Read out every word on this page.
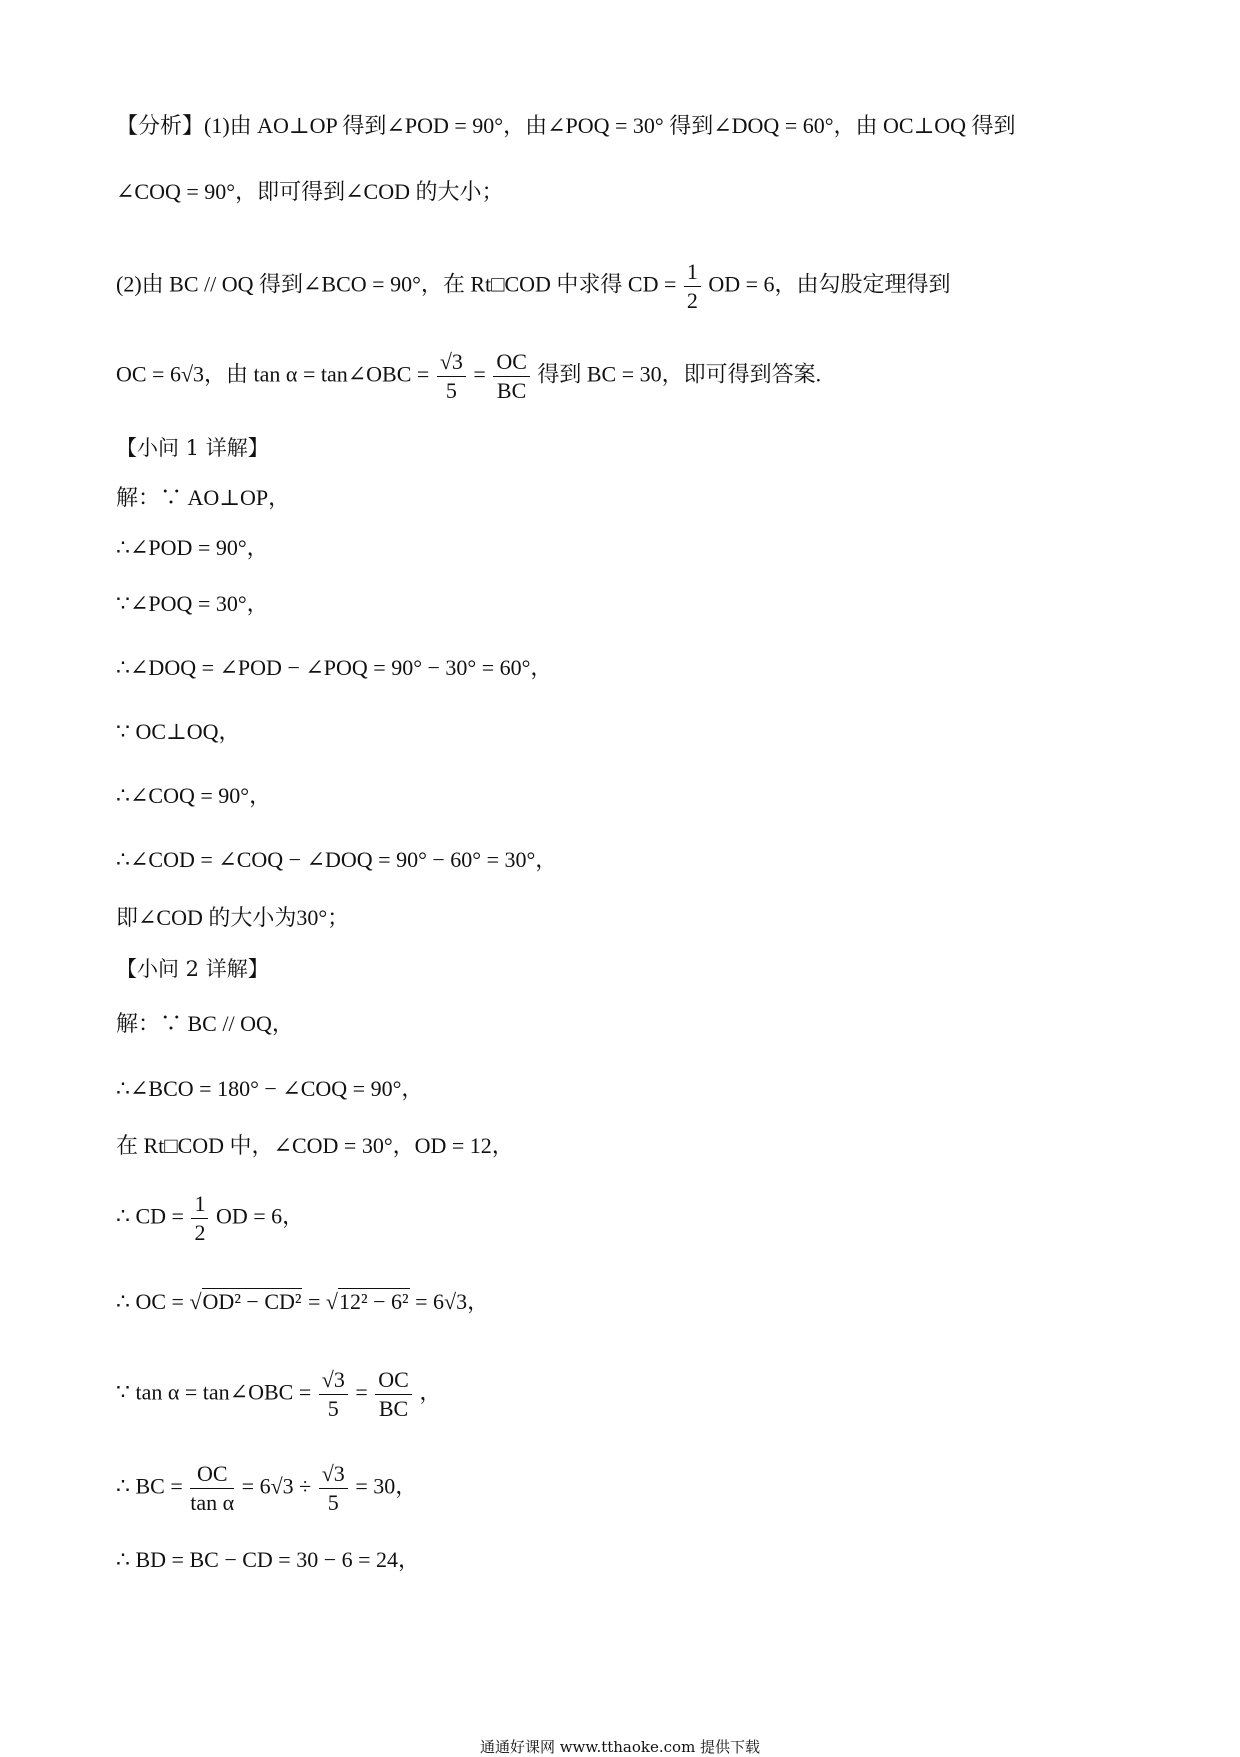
【分析】(1)由 AO⊥OP 得到∠POD = 90°，由∠POQ = 30° 得到∠DOQ = 60°，由 OC⊥OQ 得到
∠COQ = 90°，即可得到∠COD 的大小；
(2)由 BC // OQ 得到∠BCO = 90°，在 Rt□COD 中求得 CD = $\frac{1}{2}$ OD = 6，由勾股定理得到
OC = 6√3，由 tan α = tan∠OBC = $\frac{√3}{5} = \frac{OC}{BC}$ 得到 BC = 30，即可得到答案.
【小问 1 详解】
解：∵ AO⊥OP，
∴∠POD = 90°，
∵∠POQ = 30°，
∴∠DOQ = ∠POD − ∠POQ = 90° − 30° = 60°，
∵ OC⊥OQ，
∴∠COQ = 90°，
∴∠COD = ∠COQ − ∠DOQ = 90° − 60° = 30°，
即∠COD 的大小为30°；
【小问 2 详解】
解：∵ BC // OQ，
∴∠BCO = 180° − ∠COQ = 90°，
在 Rt□COD 中，∠COD = 30°，OD = 12，
∴ CD = $\frac{1}{2}$ OD = 6，
∴ OC = √OD² − CD² = √12² − 6² = 6√3，
∵ tan α = tan∠OBC = $\frac{√3}{5} = \frac{OC}{BC}$ ，
∴ BC = $\frac{OC}{\text{tan α}} = 6√3 \div \frac{√3}{5} = 30$，
∴ BD = BC − CD = 30 − 6 = 24，
通通好课网 www.tthaoke.com 提供下载
